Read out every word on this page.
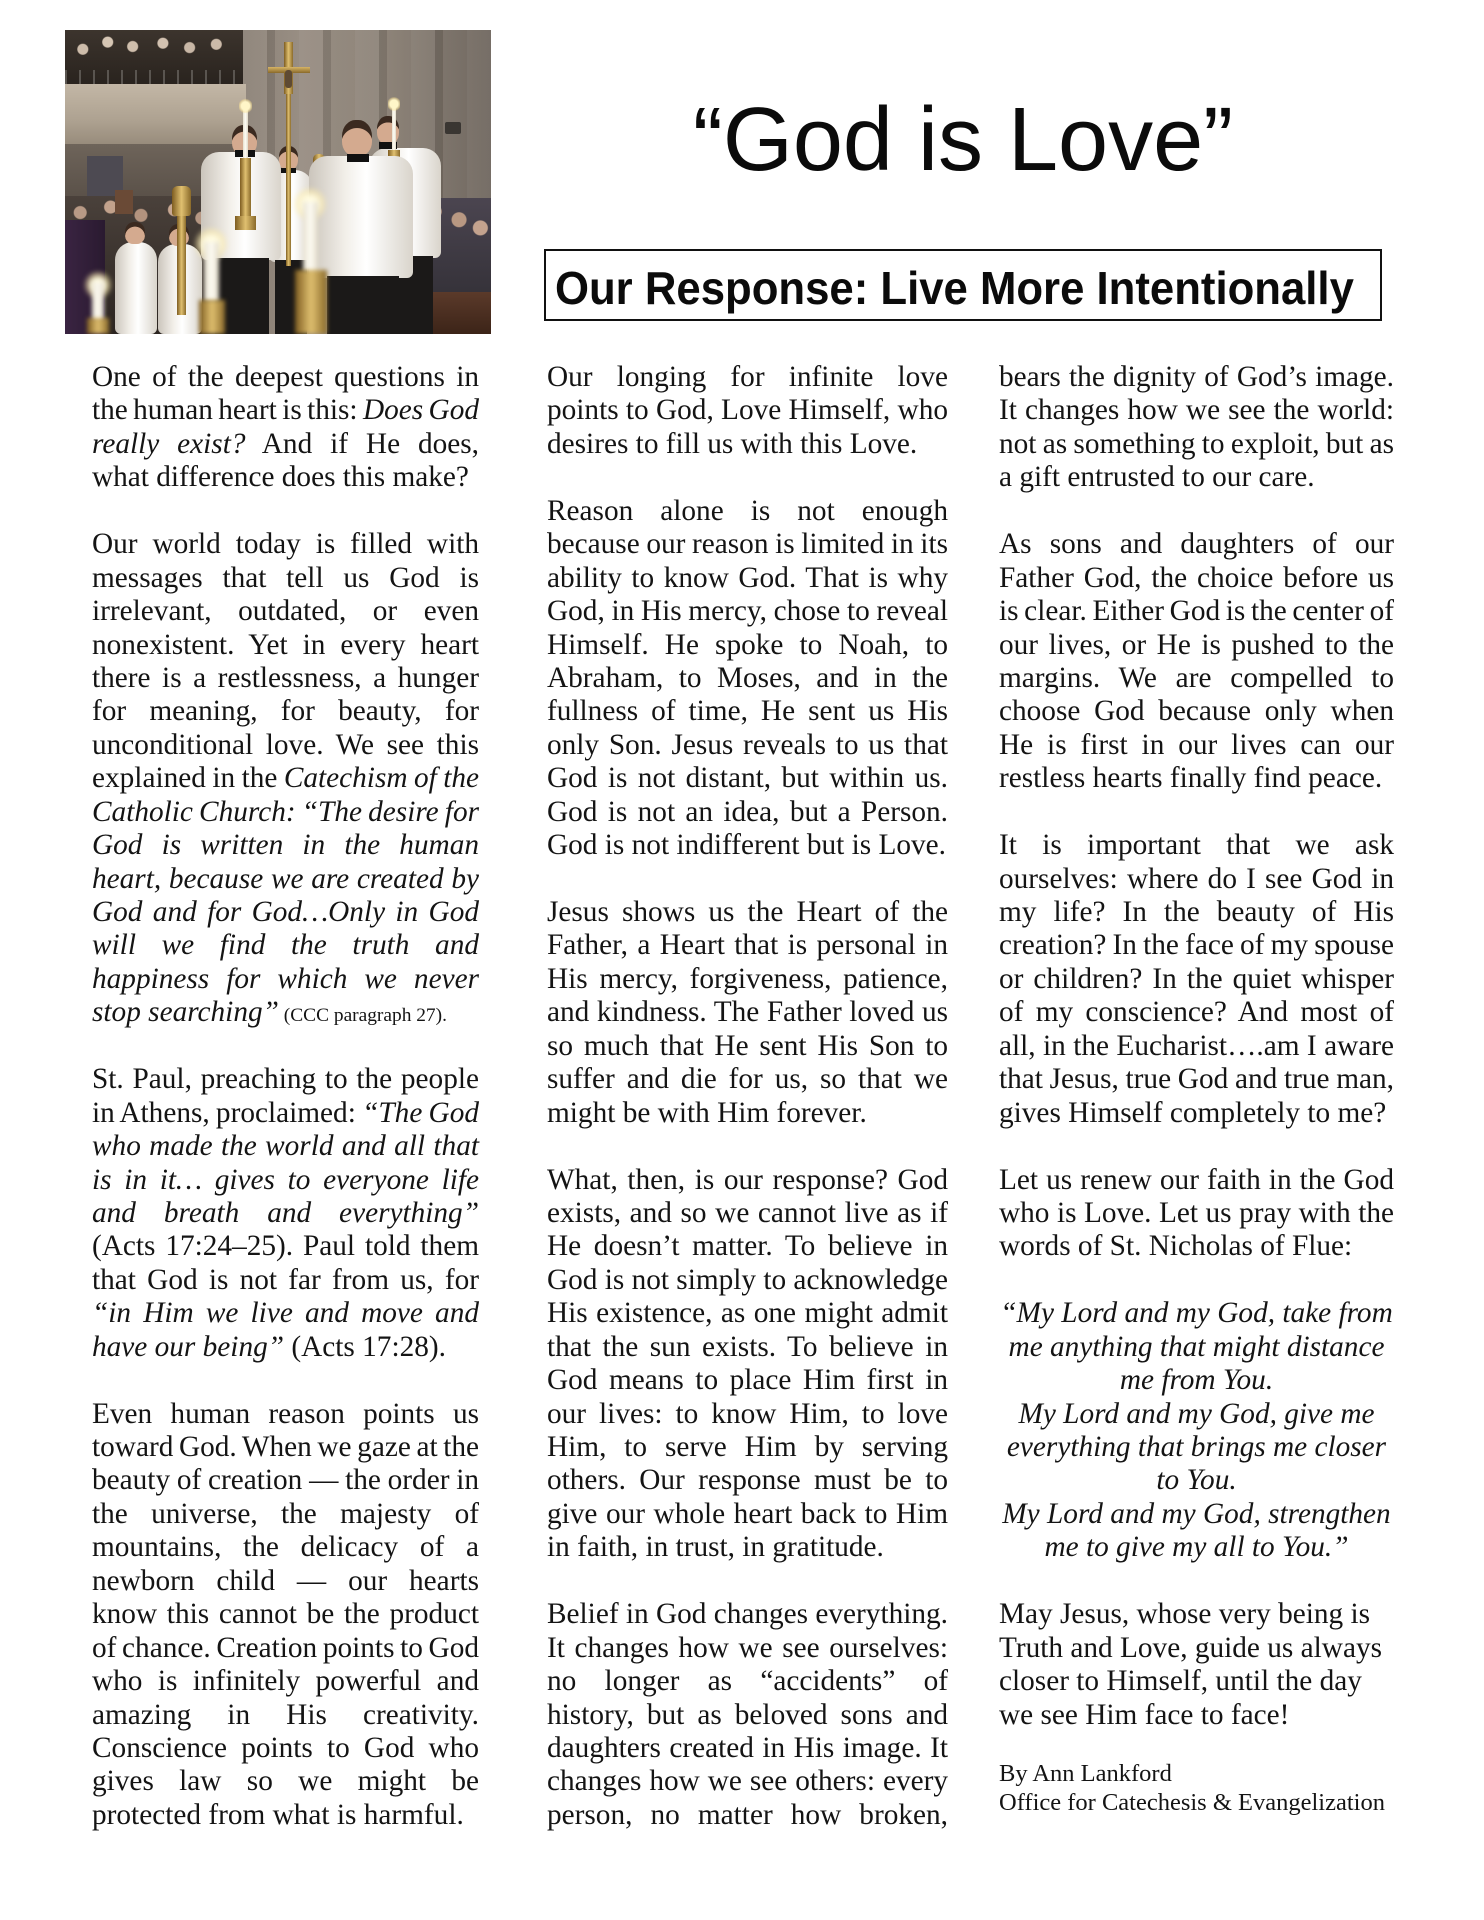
“God is Love”
Our Response: Live More Intentionally
One of the deepest questions in
the human heart is this: Does God
really exist? And if He does,
what difference does this make?
Our world today is filled with
messages that tell us God is
irrelevant, outdated, or even
nonexistent. Yet in every heart
there is a restlessness, a hunger
for meaning, for beauty, for
unconditional love. We see this
explained in the Catechism of the
Catholic Church: “The desire for
God is written in the human
heart, because we are created by
God and for God…Only in God
will we find the truth and
happiness for which we never
stop searching” (CCC paragraph 27).
St. Paul, preaching to the people
in Athens, proclaimed: “The God
who made the world and all that
is in it… gives to everyone life
and breath and everything”
(Acts 17:24–25). Paul told them
that God is not far from us, for
“in Him we live and move and
have our being” (Acts 17:28).
Even human reason points us
toward God. When we gaze at the
beauty of creation — the order in
the universe, the majesty of
mountains, the delicacy of a
newborn child — our hearts
know this cannot be the product
of chance. Creation points to God
who is infinitely powerful and
amazing in His creativity.
Conscience points to God who
gives law so we might be
protected from what is harmful.
Our longing for infinite love
points to God, Love Himself, who
desires to fill us with this Love.
Reason alone is not enough
because our reason is limited in its
ability to know God. That is why
God, in His mercy, chose to reveal
Himself. He spoke to Noah, to
Abraham, to Moses, and in the
fullness of time, He sent us His
only Son. Jesus reveals to us that
God is not distant, but within us.
God is not an idea, but a Person.
God is not indifferent but is Love.
Jesus shows us the Heart of the
Father, a Heart that is personal in
His mercy, forgiveness, patience,
and kindness. The Father loved us
so much that He sent His Son to
suffer and die for us, so that we
might be with Him forever.
What, then, is our response? God
exists, and so we cannot live as if
He doesn’t matter. To believe in
God is not simply to acknowledge
His existence, as one might admit
that the sun exists. To believe in
God means to place Him first in
our lives: to know Him, to love
Him, to serve Him by serving
others. Our response must be to
give our whole heart back to Him
in faith, in trust, in gratitude.
Belief in God changes everything.
It changes how we see ourselves:
no longer as “accidents” of
history, but as beloved sons and
daughters created in His image. It
changes how we see others: every
person, no matter how broken,
bears the dignity of God’s image.
It changes how we see the world:
not as something to exploit, but as
a gift entrusted to our care.
As sons and daughters of our
Father God, the choice before us
is clear. Either God is the center of
our lives, or He is pushed to the
margins. We are compelled to
choose God because only when
He is first in our lives can our
restless hearts finally find peace.
It is important that we ask
ourselves: where do I see God in
my life? In the beauty of His
creation? In the face of my spouse
or children? In the quiet whisper
of my conscience? And most of
all, in the Eucharist….am I aware
that Jesus, true God and true man,
gives Himself completely to me?
Let us renew our faith in the God
who is Love. Let us pray with the
words of St. Nicholas of Flue:
“My Lord and my God, take from
me anything that might distance
me from You.
My Lord and my God, give me
everything that brings me closer
to You.
My Lord and my God, strengthen
me to give my all to You.”
May Jesus, whose very being is
Truth and Love, guide us always
closer to Himself, until the day
we see Him face to face!
By Ann Lankford
Office for Catechesis & Evangelization
